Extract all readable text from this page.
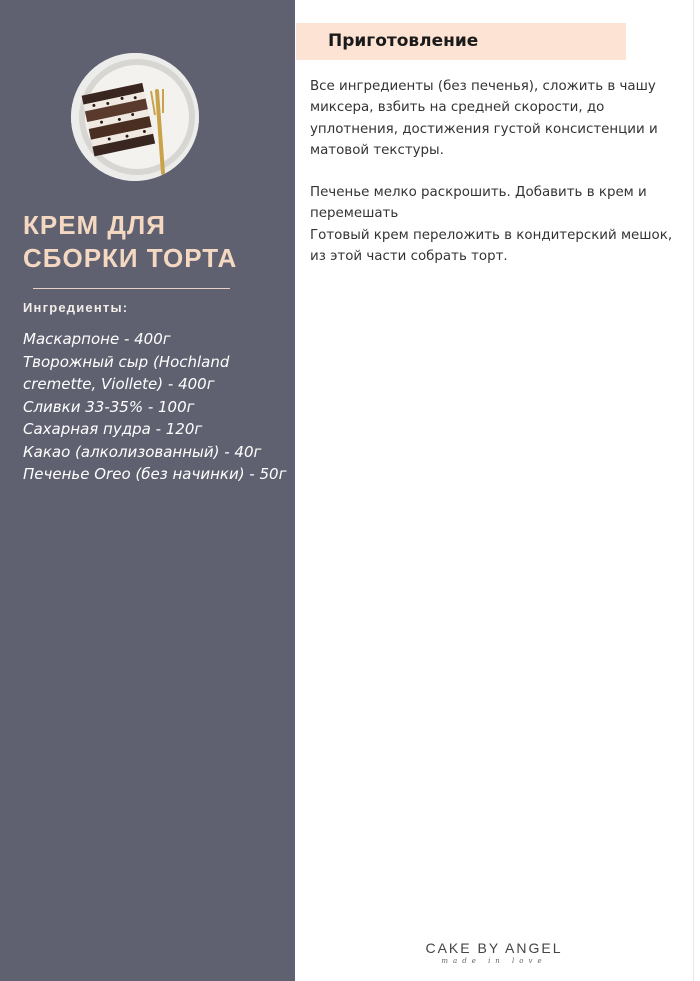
КРЕМ ДЛЯ СБОРКИ ТОРТА
Ингредиенты:
Маскарпоне - 400г
Творожный сыр (Hochland cremette, Viollete) - 400г
Сливки 33-35% - 100г
Сахарная пудра - 120г
Какао (алколизованный) - 40г
Печенье Oreo (без начинки) - 50г
Приготовление

Все ингредиенты (без печенья), сложить в чашу миксера, взбить на средней скорости, до уплотнения, достижения густой консистенции и матовой текстуры.

Печенье мелко раскрошить. Добавить в крем и перемешать
Готовый крем переложить в кондитерский мешок, из этой части собрать торт.

CAKE BY ANGEL
made in love
